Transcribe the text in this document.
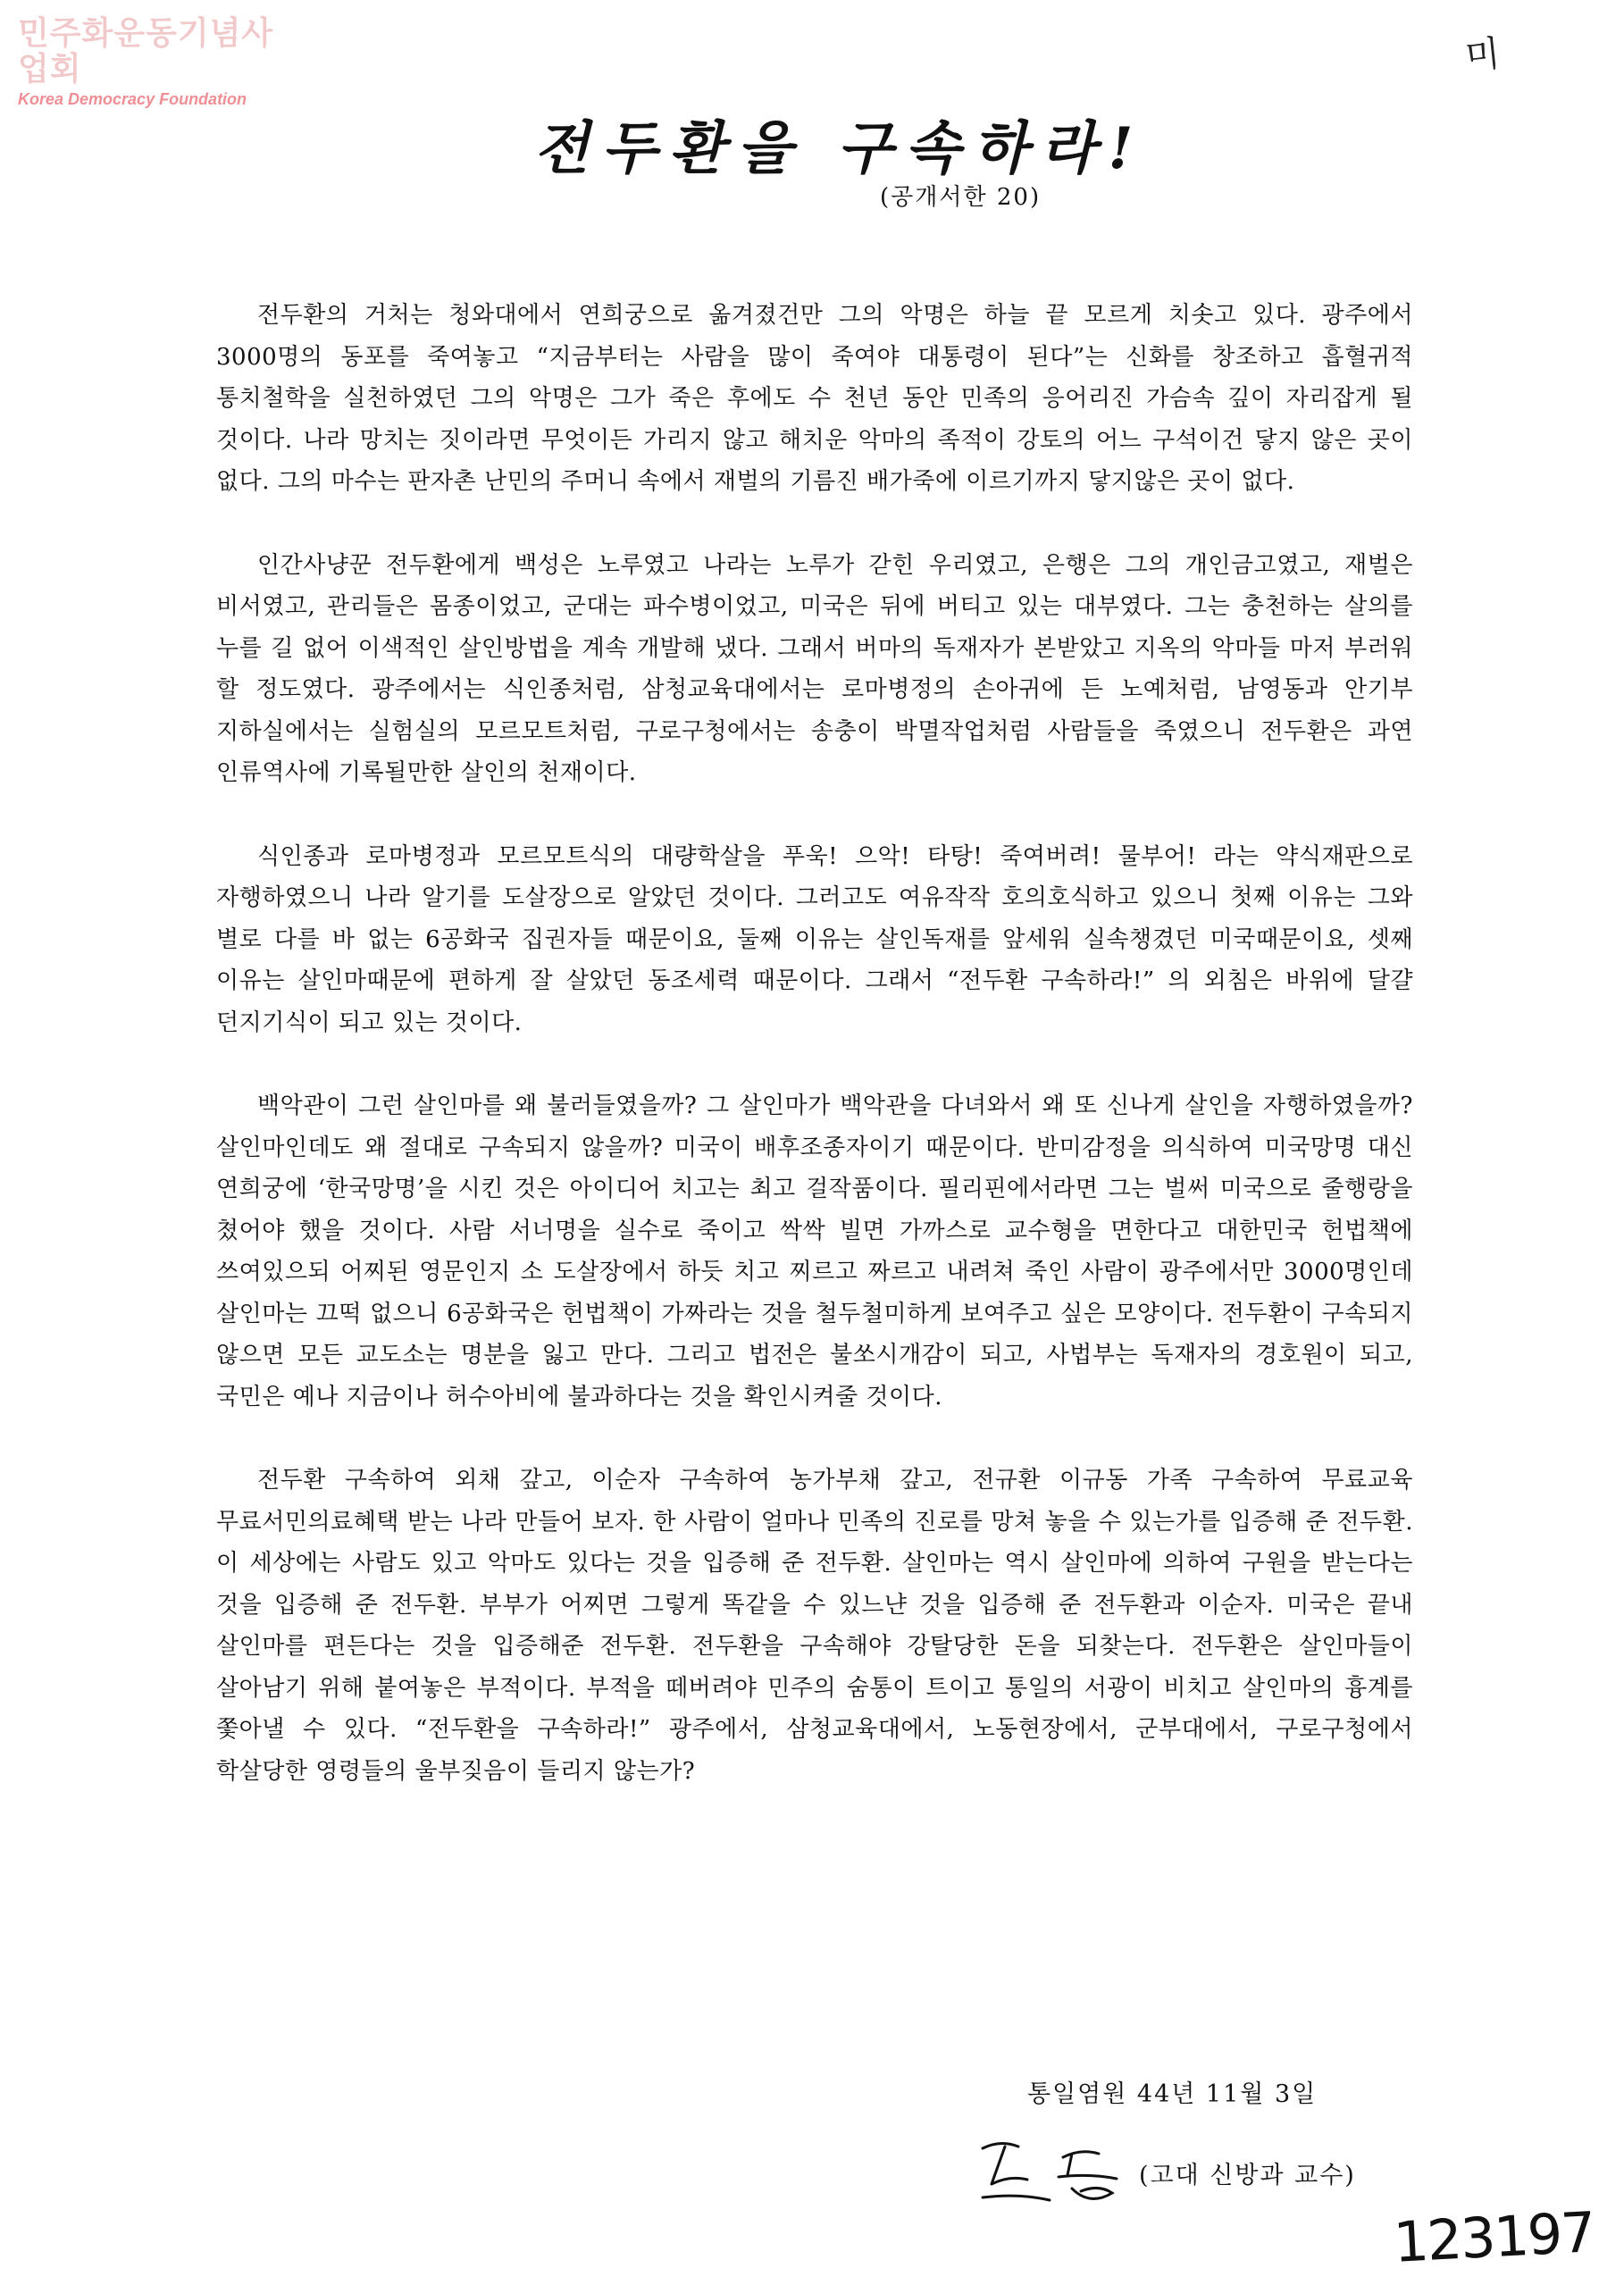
민주화운동기념사업회
Korea Democracy Foundation
미
전두환을 구속하라!
(공개서한 20)

전두환의 거처는 청와대에서 연희궁으로 옮겨졌건만 그의 악명은 하늘 끝 모르게 치솟고 있다. 광주에서 3000명의 동포를 죽여놓고 “지금부터는 사람을 많이 죽여야 대통령이 된다”는 신화를 창조하고 흡혈귀적 통치철학을 실천하였던 그의 악명은 그가 죽은 후에도 수 천년 동안 민족의 응어리진 가슴속 깊이 자리잡게 될 것이다. 나라 망치는 짓이라면 무엇이든 가리지 않고 해치운 악마의 족적이 강토의 어느 구석이건 닿지 않은 곳이 없다. 그의 마수는 판자촌 난민의 주머니 속에서 재벌의 기름진 배가죽에 이르기까지 닿지않은 곳이 없다.

인간사냥꾼 전두환에게 백성은 노루였고 나라는 노루가 갇힌 우리였고, 은행은 그의 개인금고였고, 재벌은 비서였고, 관리들은 몸종이었고, 군대는 파수병이었고, 미국은 뒤에 버티고 있는 대부였다. 그는 충천하는 살의를 누를 길 없어 이색적인 살인방법을 계속 개발해 냈다. 그래서 버마의 독재자가 본받았고 지옥의 악마들 마저 부러워 할 정도였다. 광주에서는 식인종처럼, 삼청교육대에서는 로마병정의 손아귀에 든 노예처럼, 남영동과 안기부 지하실에서는 실험실의 모르모트처럼, 구로구청에서는 송충이 박멸작업처럼 사람들을 죽였으니 전두환은 과연 인류역사에 기록될만한 살인의 천재이다.

식인종과 로마병정과 모르모트식의 대량학살을 푸욱! 으악! 타탕! 죽여버려! 물부어! 라는 약식재판으로 자행하였으니 나라 알기를 도살장으로 알았던 것이다. 그러고도 여유작작 호의호식하고 있으니 첫째 이유는 그와 별로 다를 바 없는 6공화국 집권자들 때문이요, 둘째 이유는 살인독재를 앞세워 실속챙겼던 미국때문이요, 셋째 이유는 살인마때문에 편하게 잘 살았던 동조세력 때문이다. 그래서 “전두환 구속하라!” 의 외침은 바위에 달걀 던지기식이 되고 있는 것이다.

백악관이 그런 살인마를 왜 불러들였을까? 그 살인마가 백악관을 다녀와서 왜 또 신나게 살인을 자행하였을까? 살인마인데도 왜 절대로 구속되지 않을까? 미국이 배후조종자이기 때문이다. 반미감정을 의식하여 미국망명 대신 연희궁에 ‘한국망명’을 시킨 것은 아이디어 치고는 최고 걸작품이다. 필리핀에서라면 그는 벌써 미국으로 줄행랑을 쳤어야 했을 것이다. 사람 서너명을 실수로 죽이고 싹싹 빌면 가까스로 교수형을 면한다고 대한민국 헌법책에 쓰여있으되 어찌된 영문인지 소 도살장에서 하듯 치고 찌르고 짜르고 내려쳐 죽인 사람이 광주에서만 3000명인데 살인마는 끄떡 없으니 6공화국은 헌법책이 가짜라는 것을 철두철미하게 보여주고 싶은 모양이다. 전두환이 구속되지 않으면 모든 교도소는 명분을 잃고 만다. 그리고 법전은 불쏘시개감이 되고, 사법부는 독재자의 경호원이 되고, 국민은 예나 지금이나 허수아비에 불과하다는 것을 확인시켜줄 것이다.

전두환 구속하여 외채 갚고, 이순자 구속하여 농가부채 갚고, 전규환 이규동 가족 구속하여 무료교육 무료서민의료혜택 받는 나라 만들어 보자. 한 사람이 얼마나 민족의 진로를 망쳐 놓을 수 있는가를 입증해 준 전두환. 이 세상에는 사람도 있고 악마도 있다는 것을 입증해 준 전두환. 살인마는 역시 살인마에 의하여 구원을 받는다는 것을 입증해 준 전두환. 부부가 어찌면 그렇게 똑같을 수 있느냔 것을 입증해 준 전두환과 이순자. 미국은 끝내 살인마를 편든다는 것을 입증해준 전두환. 전두환을 구속해야 강탈당한 돈을 되찾는다. 전두환은 살인마들이 살아남기 위해 붙여놓은 부적이다. 부적을 떼버려야 민주의 숨통이 트이고 통일의 서광이 비치고 살인마의 흉계를 쫓아낼 수 있다. “전두환을 구속하라!” 광주에서, 삼청교육대에서, 노동현장에서, 군부대에서, 구로구청에서 학살당한 영령들의 울부짖음이 들리지 않는가?

통일염원 44년 11월 3일
(고대 신방과 교수)
123197
